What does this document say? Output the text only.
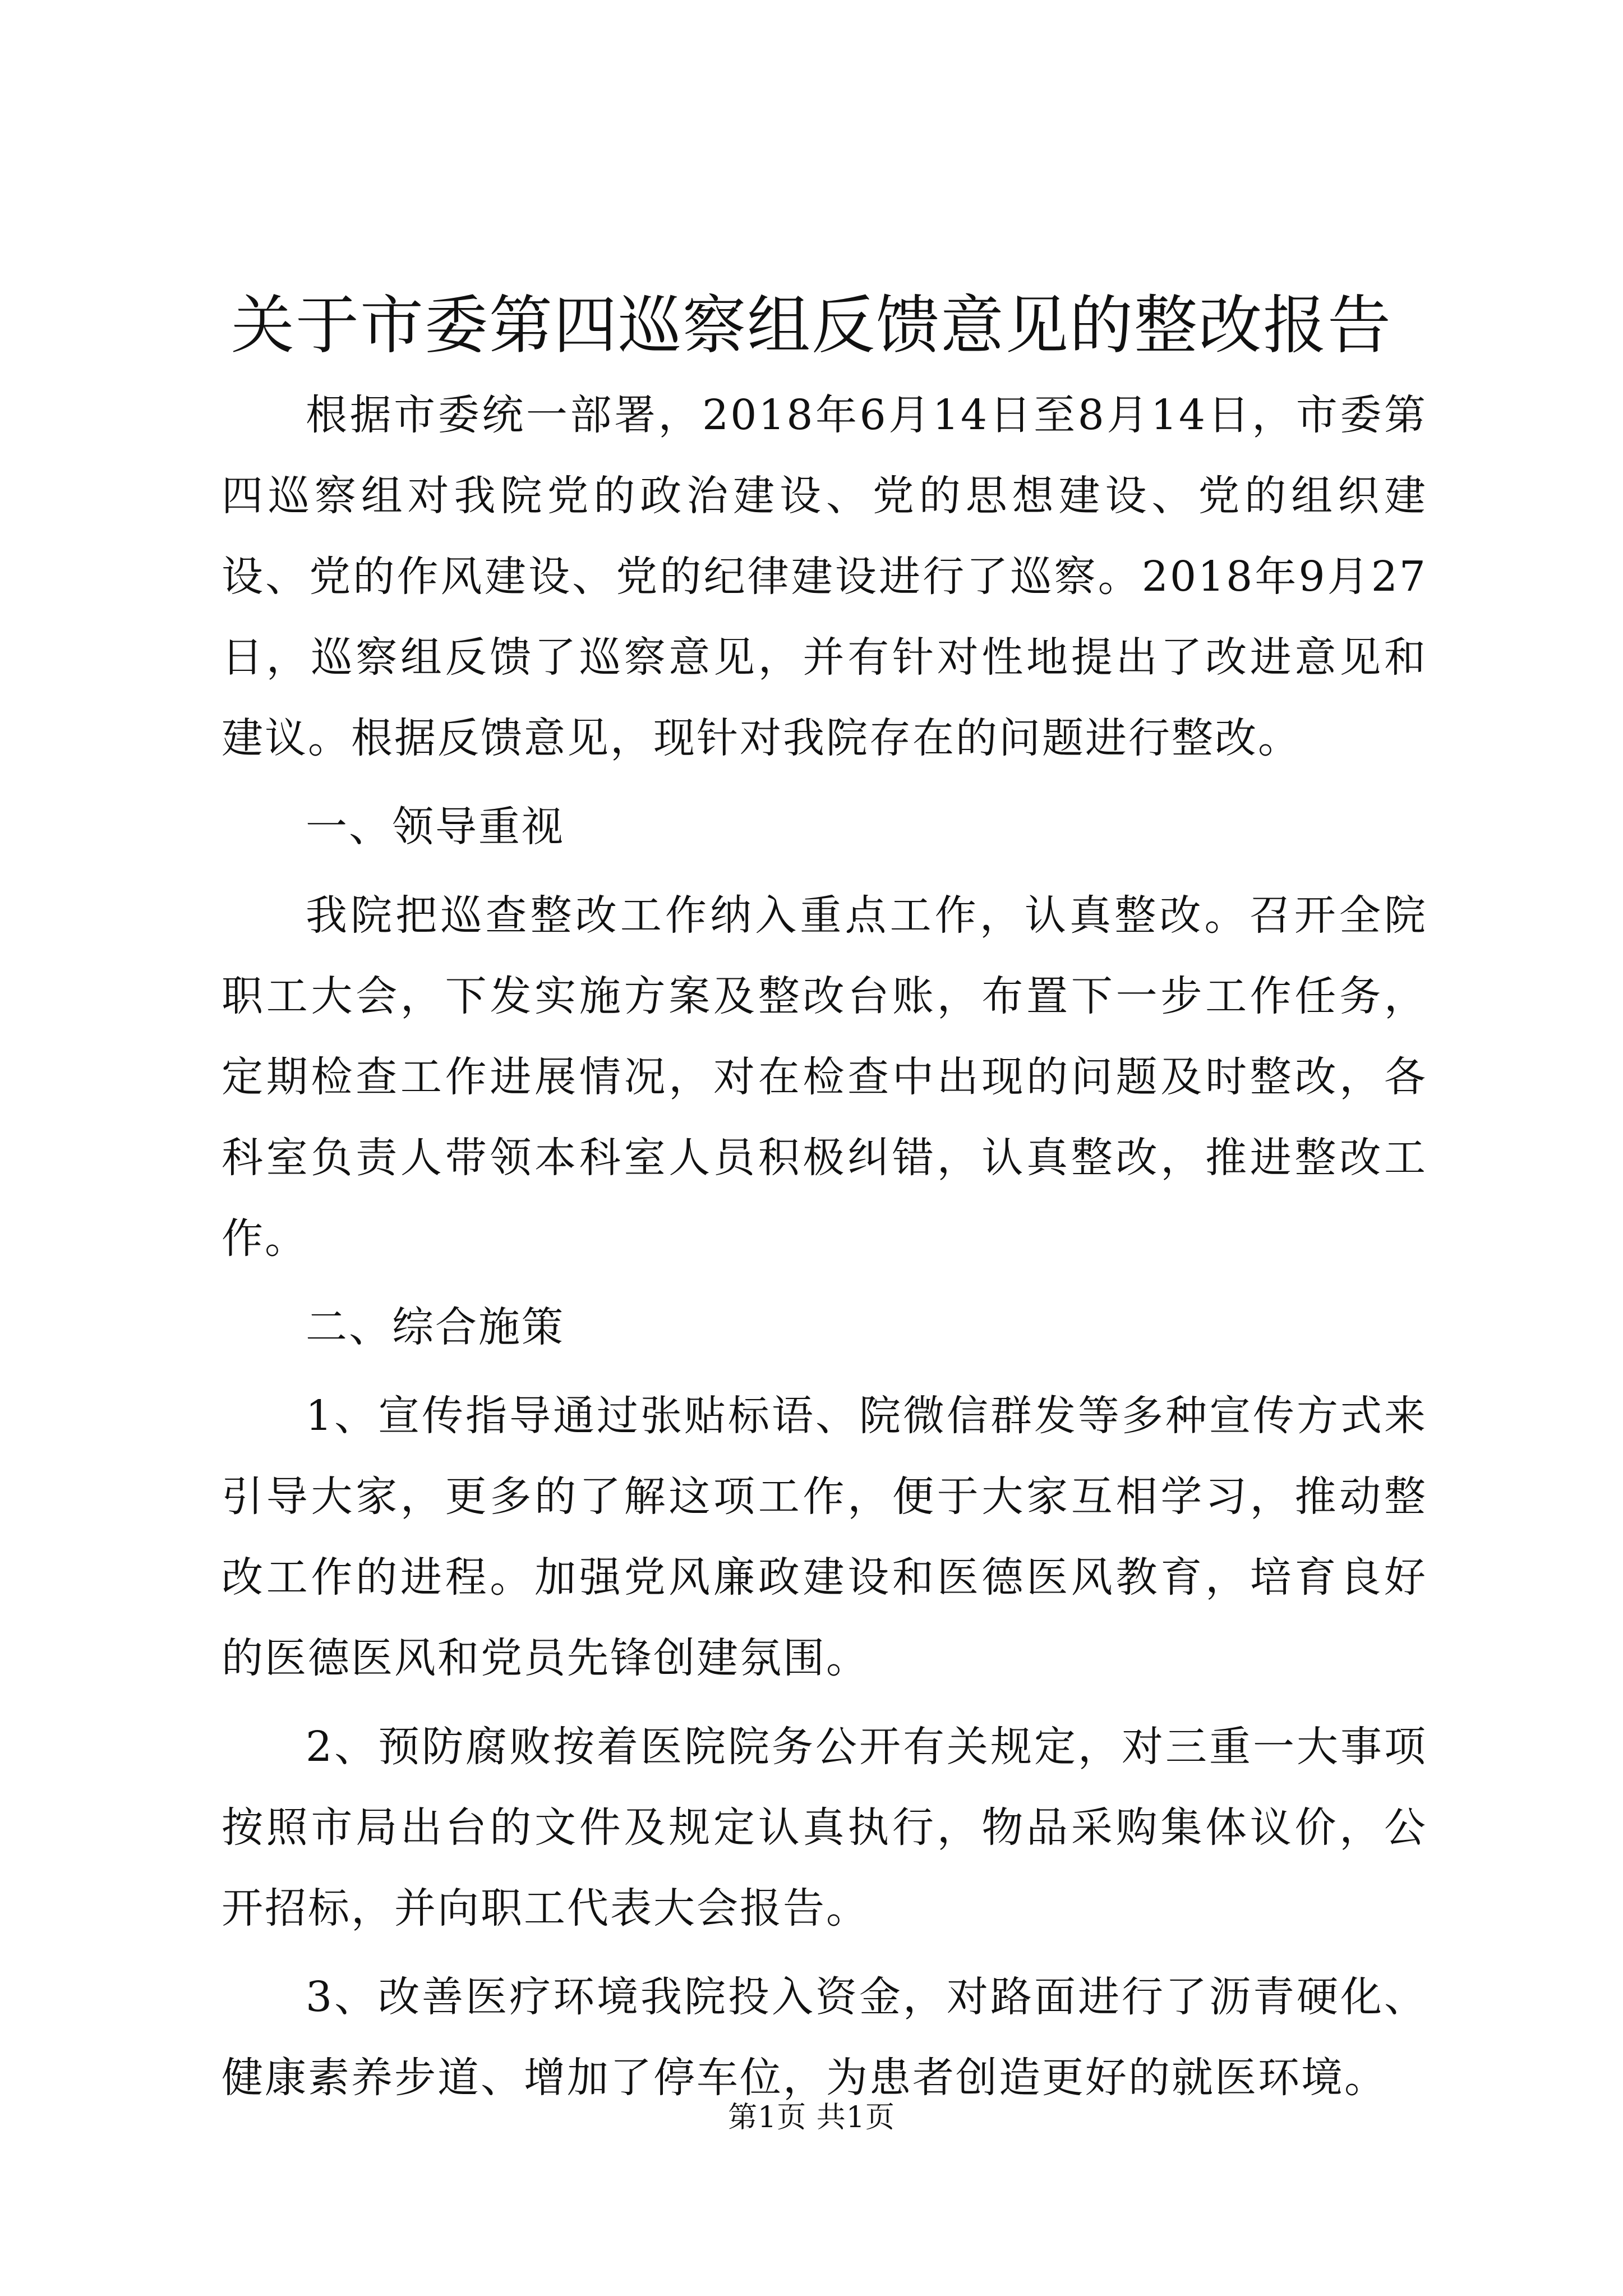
关于市委第四巡察组反馈意见的整改报告

根据市委统一部署，2018年6月14日至8月14日，市委第四巡察组对我院党的政治建设、党的思想建设、党的组织建设、党的作风建设、党的纪律建设进行了巡察。2018年9月27日，巡察组反馈了巡察意见，并有针对性地提出了改进意见和建议。根据反馈意见，现针对我院存在的问题进行整改。

一、领导重视

我院把巡查整改工作纳入重点工作，认真整改。召开全院职工大会，下发实施方案及整改台账，布置下一步工作任务，定期检查工作进展情况，对在检查中出现的问题及时整改，各科室负责人带领本科室人员积极纠错，认真整改，推进整改工作。

二、综合施策

1、宣传指导通过张贴标语、院微信群发等多种宣传方式来引导大家，更多的了解这项工作，便于大家互相学习，推动整改工作的进程。加强党风廉政建设和医德医风教育，培育良好的医德医风和党员先锋创建氛围。

2、预防腐败按着医院院务公开有关规定，对三重一大事项按照市局出台的文件及规定认真执行，物品采购集体议价，公开招标，并向职工代表大会报告。

3、改善医疗环境我院投入资金，对路面进行了沥青硬化、健康素养步道、增加了停车位，为患者创造更好的就医环境。

第1页 共1页
